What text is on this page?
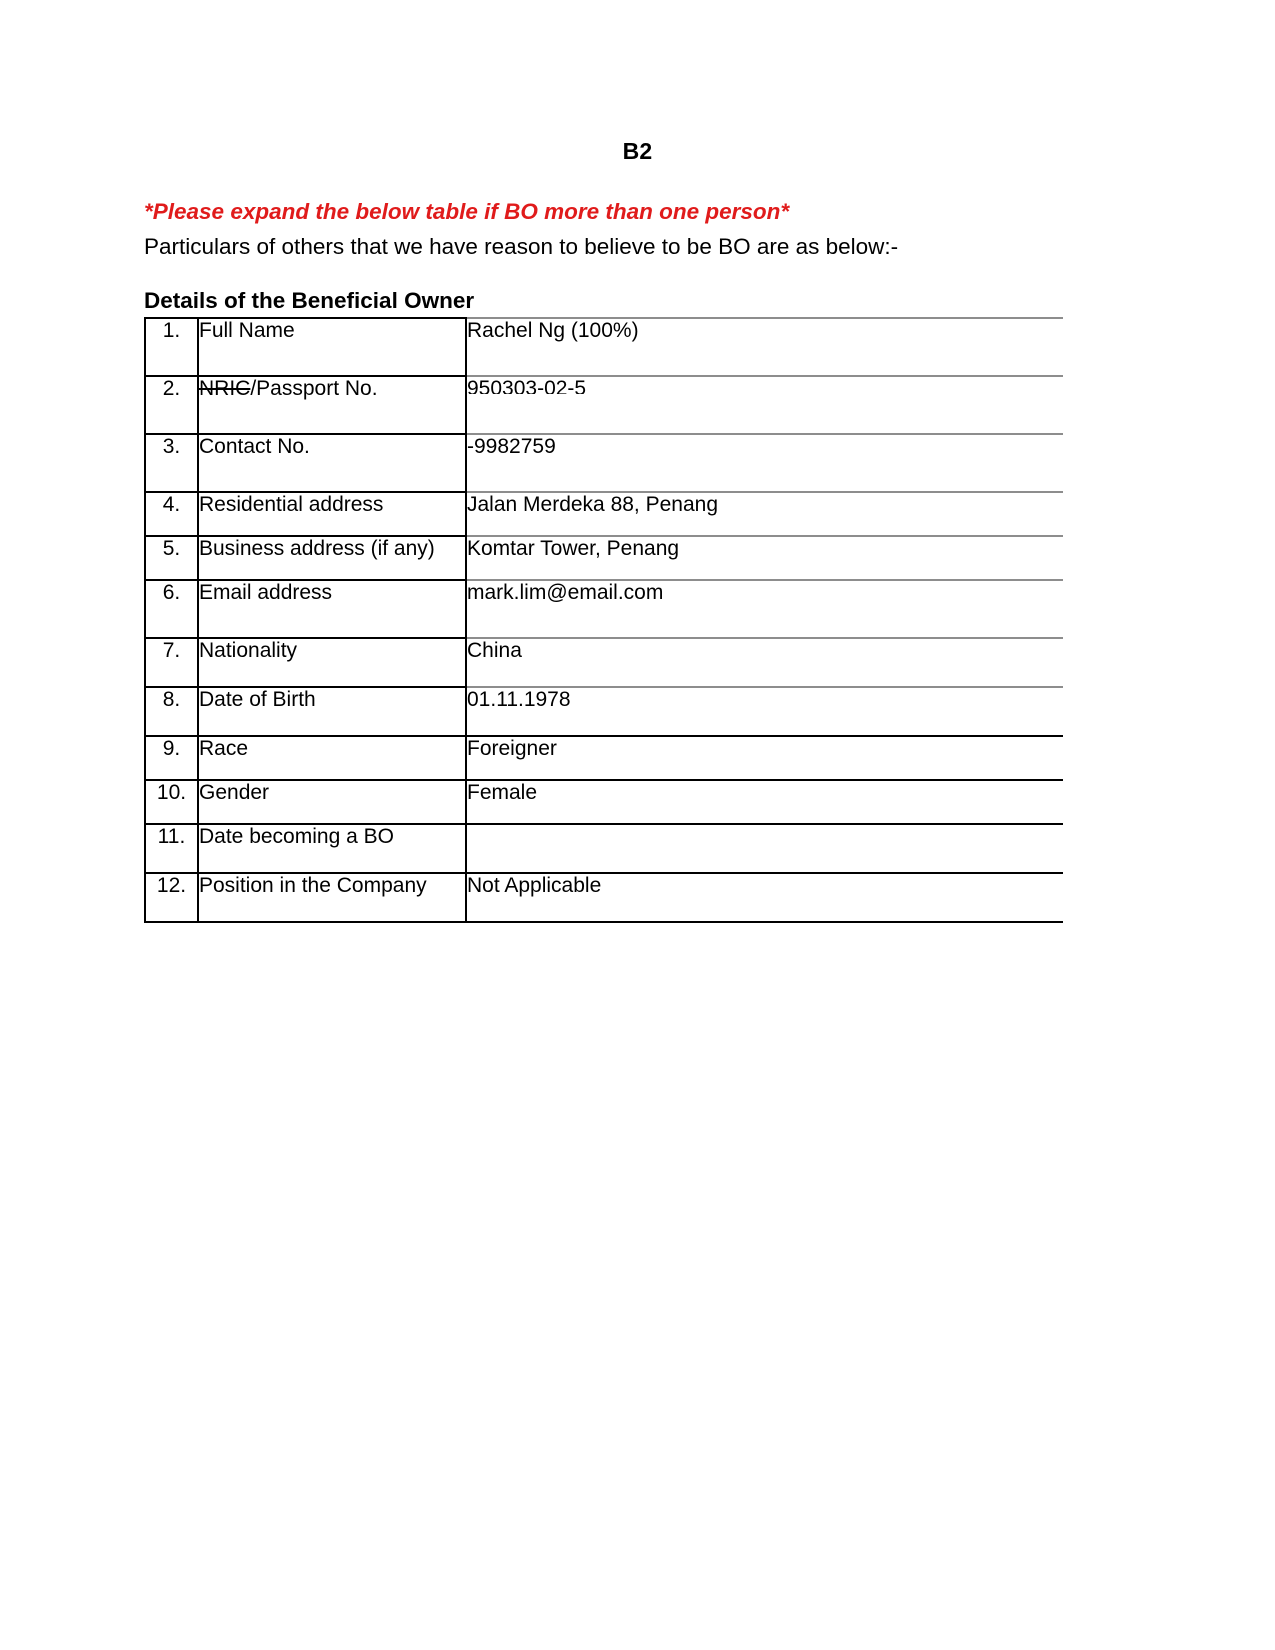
B2
*Please expand the below table if BO more than one person*
Particulars of others that we have reason to believe to be BO are as below:-
Details of the Beneficial Owner
1.	Full Name	Rachel Ng (100%)
2.	NRIC/Passport No.	950303-02-5
3.	Contact No.	-9982759
4.	Residential address	Jalan Merdeka 88, Penang
5.	Business address (if any)	Komtar Tower, Penang
6.	Email address	mark.lim@email.com
7.	Nationality	China
8.	Date of Birth	01.11.1978
9.	Race	Foreigner
10.	Gender	Female
11.	Date becoming a BO	
12.	Position in the Company	Not Applicable
